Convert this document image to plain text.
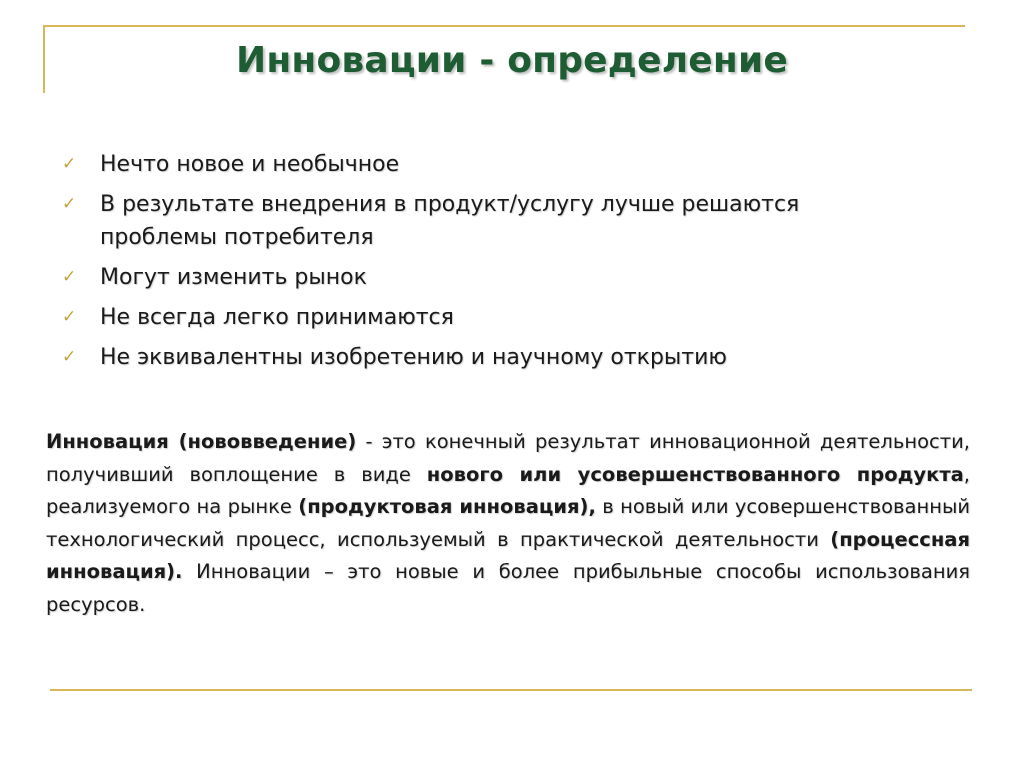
Инновации - определение
✓ Нечто новое и необычное
✓ В результате внедрения в продукт/услугу лучше решаются проблемы потребителя
✓ Могут изменить рынок
✓ Не всегда легко принимаются
✓ Не эквивалентны изобретению и научному открытию
Инновация (нововведение) - это конечный результат инновационной деятельности, получивший воплощение в виде нового или усовершенствованного продукта, реализуемого на рынке (продуктовая инновация), в новый или усовершенствованный технологический процесс, используемый в практической деятельности (процессная инновация). Инновации – это новые и более прибыльные способы использования ресурсов.
